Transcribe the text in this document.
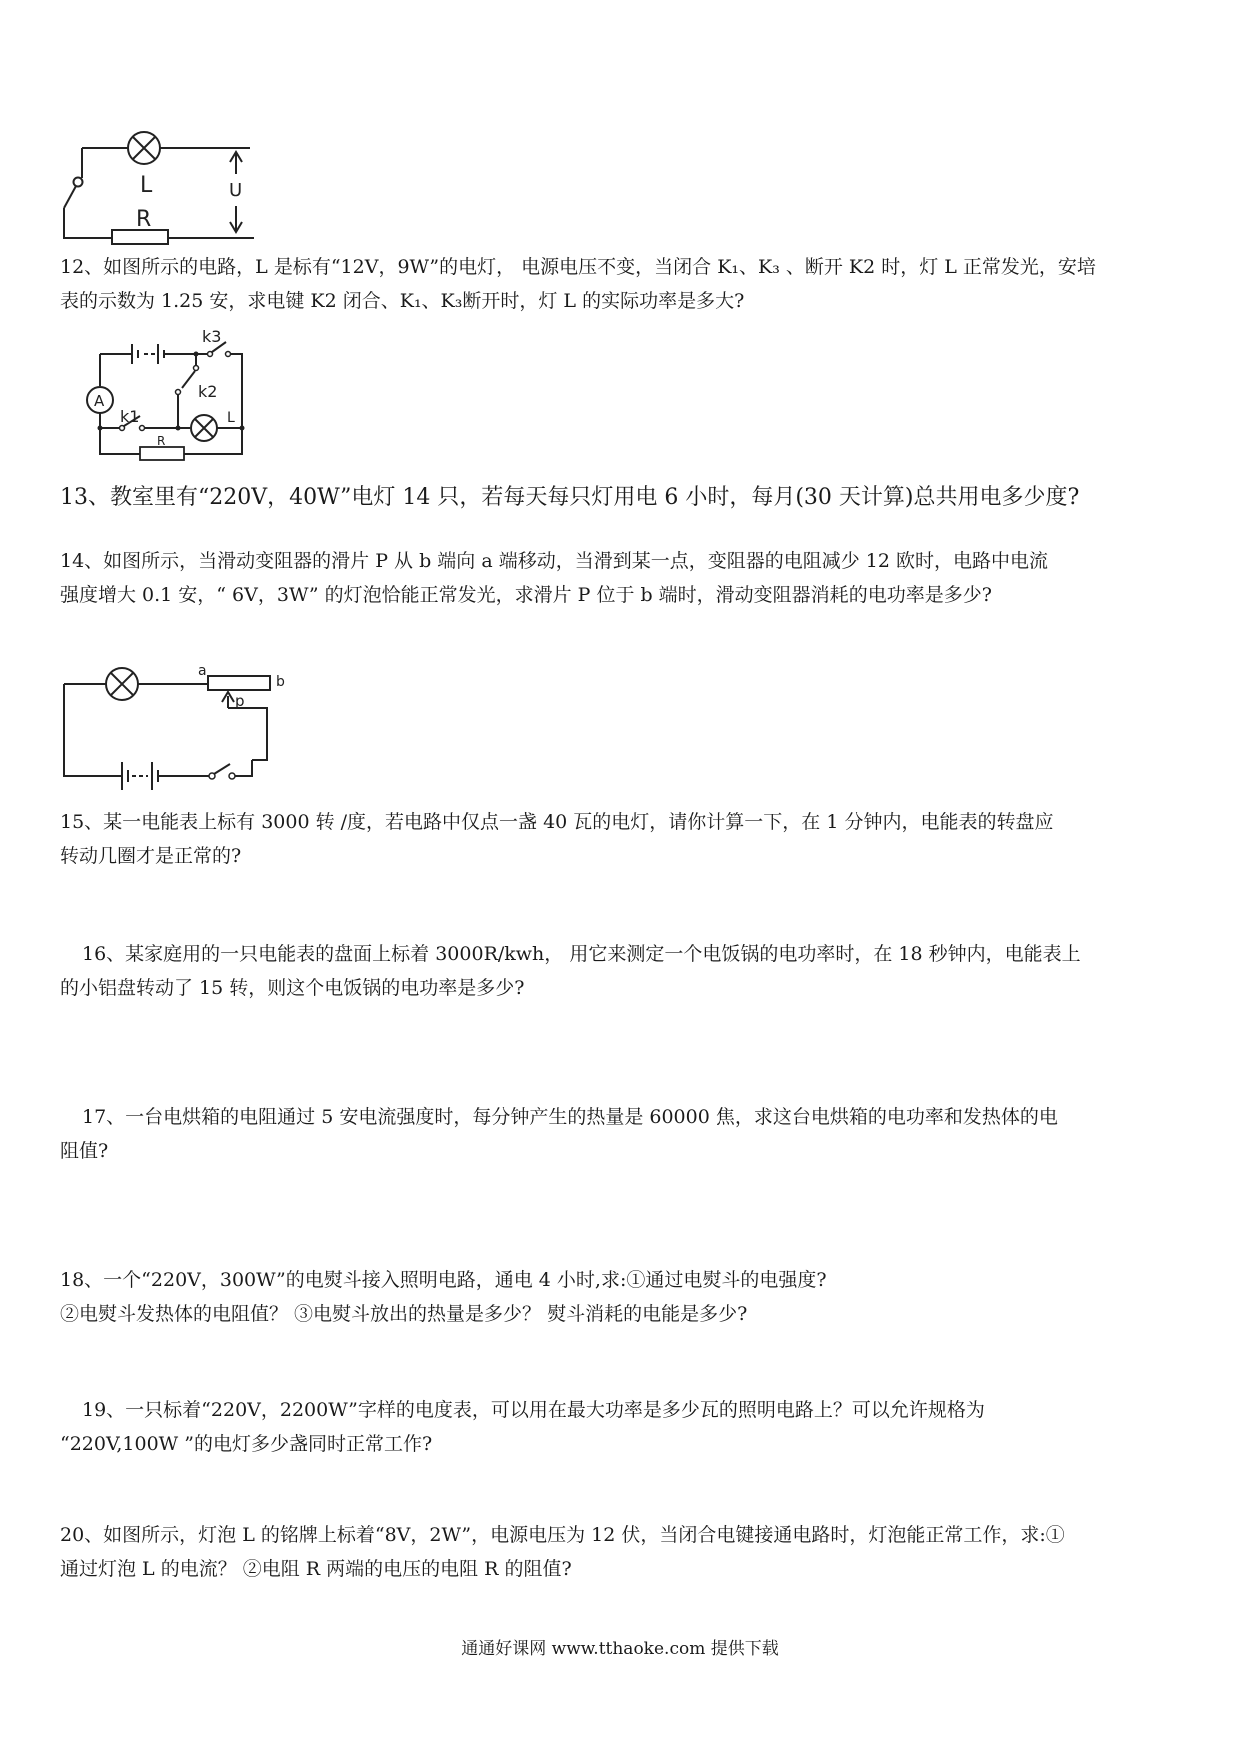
L
R
U

12、如图所示的电路，L 是标有“12V，9W”的电灯， 电源电压不变，当闭合 K₁、K₃ 、断开 K2 时，灯 L 正常发光，安培
表的示数为 1.25 安，求电键 K2 闭合、K₁、K₃断开时，灯 L 的实际功率是多大?

A
k1
k2
k3
L
R

13、教室里有“220V，40W”电灯 14 只，若每天每只灯用电 6 小时，每月(30 天计算)总共用电多少度?

14、如图所示，当滑动变阻器的滑片 P 从 b 端向 a 端移动，当滑到某一点，变阻器的电阻减少 12 欧时，电路中电流
强度增大 0.1 安，“ 6V，3W” 的灯泡恰能正常发光，求滑片 P 位于 b 端时，滑动变阻器消耗的电功率是多少?

a
b
p

15、某一电能表上标有 3000 转 /度，若电路中仅点一盏 40 瓦的电灯，请你计算一下，在 1 分钟内，电能表的转盘应
转动几圈才是正常的?

16、某家庭用的一只电能表的盘面上标着 3000R/kwh， 用它来测定一个电饭锅的电功率时，在 18 秒钟内，电能表上
的小铝盘转动了 15 转，则这个电饭锅的电功率是多少?

17、一台电烘箱的电阻通过 5 安电流强度时，每分钟产生的热量是 60000 焦，求这台电烘箱的电功率和发热体的电
阻值?

18、一个“220V，300W”的电熨斗接入照明电路，通电 4 小时,求:①通过电熨斗的电强度?
②电熨斗发热体的电阻值？ ③电熨斗放出的热量是多少？ 熨斗消耗的电能是多少?

19、一只标着“220V，2200W”字样的电度表，可以用在最大功率是多少瓦的照明电路上？可以允许规格为
“220V,100W ”的电灯多少盏同时正常工作?

20、如图所示，灯泡 L 的铭牌上标着“8V，2W”，电源电压为 12 伏，当闭合电键接通电路时，灯泡能正常工作，求:①
通过灯泡 L 的电流？ ②电阻 R 两端的电压的电阻 R 的阻值?

通通好课网 www.tthaoke.com 提供下载
